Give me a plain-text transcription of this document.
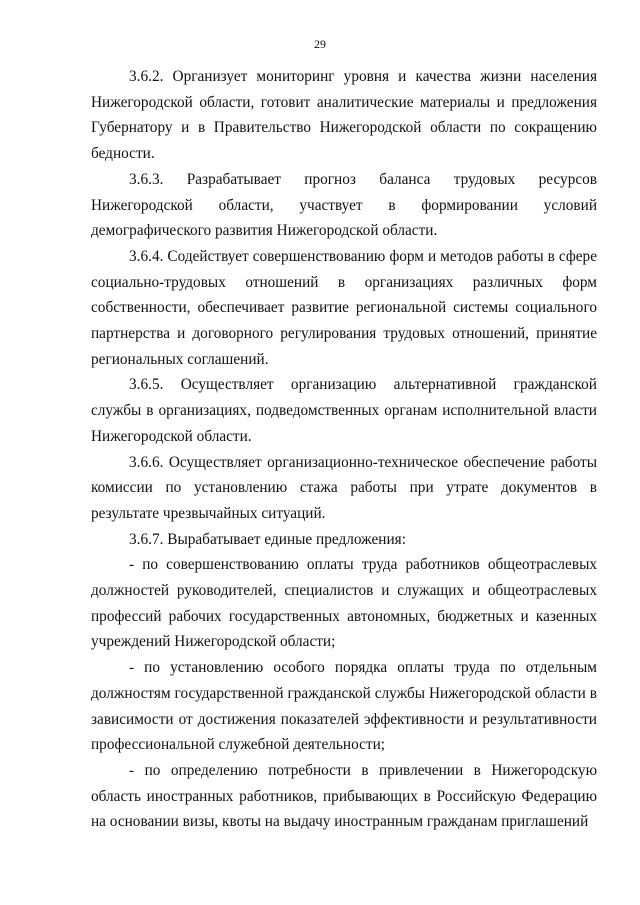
29

3.6.2. Организует мониторинг уровня и качества жизни населения Нижегородской области, готовит аналитические материалы и предложения Губернатору и в Правительство Нижегородской области по сокращению бедности.

3.6.3. Разрабатывает прогноз баланса трудовых ресурсов Нижегородской области, участвует в формировании условий демографического развития Нижегородской области.

3.6.4. Содействует совершенствованию форм и методов работы в сфере социально-трудовых отношений в организациях различных форм собственности, обеспечивает развитие региональной системы социального партнерства и договорного регулирования трудовых отношений, принятие региональных соглашений.

3.6.5. Осуществляет организацию альтернативной гражданской службы в организациях, подведомственных органам исполнительной власти Нижегородской области.

3.6.6. Осуществляет организационно-техническое обеспечение работы комиссии по установлению стажа работы при утрате документов в результате чрезвычайных ситуаций.

3.6.7. Вырабатывает единые предложения:

- по совершенствованию оплаты труда работников общеотраслевых должностей руководителей, специалистов и служащих и общеотраслевых профессий рабочих государственных автономных, бюджетных и казенных учреждений Нижегородской области;

- по установлению особого порядка оплаты труда по отдельным должностям государственной гражданской службы Нижегородской области в зависимости от достижения показателей эффективности и результативности профессиональной служебной деятельности;

- по определению потребности в привлечении в Нижегородскую область иностранных работников, прибывающих в Российскую Федерацию на основании визы, квоты на выдачу иностранным гражданам приглашений
